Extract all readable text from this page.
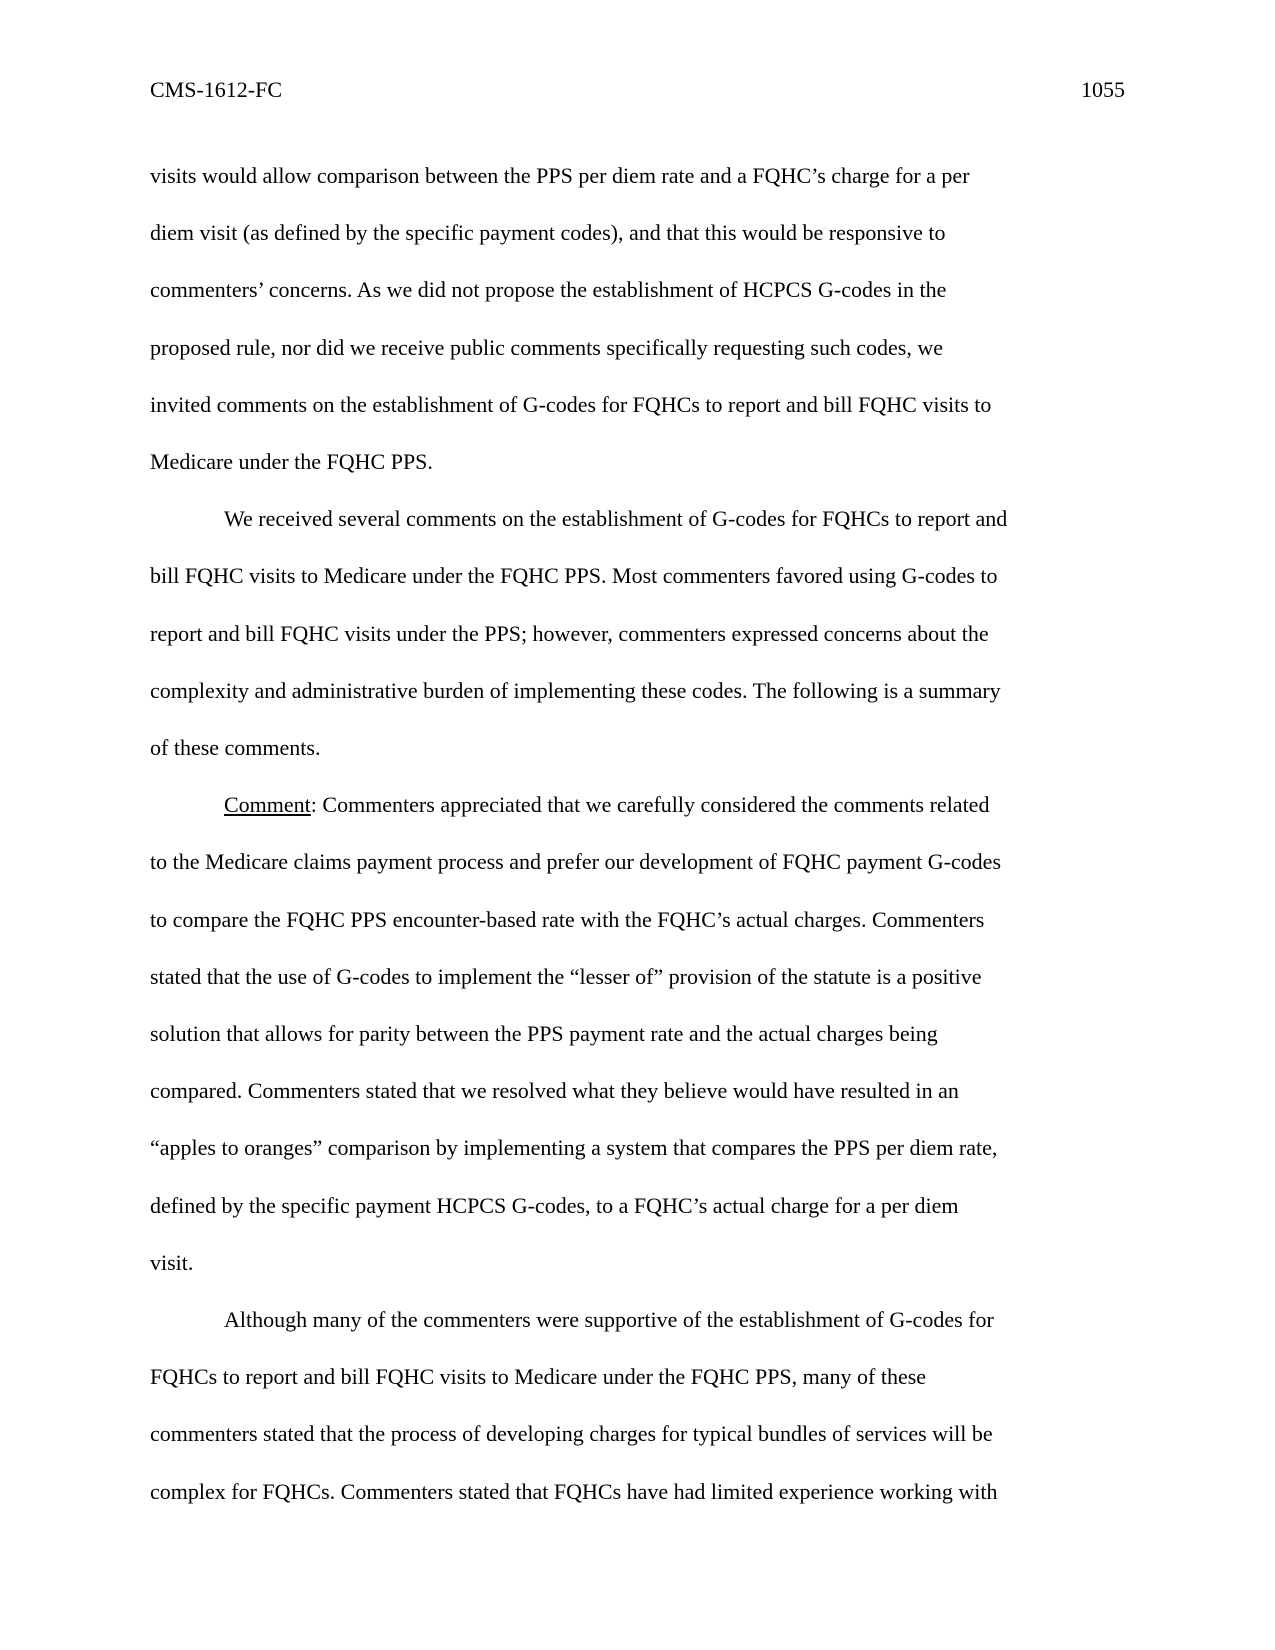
CMS-1612-FC	1055
visits would allow comparison between the PPS per diem rate and a FQHC’s charge for a per
diem visit (as defined by the specific payment codes), and that this would be responsive to
commenters’ concerns. As we did not propose the establishment of HCPCS G-codes in the
proposed rule, nor did we receive public comments specifically requesting such codes, we
invited comments on the establishment of G-codes for FQHCs to report and bill FQHC visits to
Medicare under the FQHC PPS.
We received several comments on the establishment of G-codes for FQHCs to report and
bill FQHC visits to Medicare under the FQHC PPS. Most commenters favored using G-codes to
report and bill FQHC visits under the PPS; however, commenters expressed concerns about the
complexity and administrative burden of implementing these codes. The following is a summary
of these comments.
Comment: Commenters appreciated that we carefully considered the comments related
to the Medicare claims payment process and prefer our development of FQHC payment G-codes
to compare the FQHC PPS encounter-based rate with the FQHC’s actual charges. Commenters
stated that the use of G-codes to implement the “lesser of” provision of the statute is a positive
solution that allows for parity between the PPS payment rate and the actual charges being
compared. Commenters stated that we resolved what they believe would have resulted in an
“apples to oranges” comparison by implementing a system that compares the PPS per diem rate,
defined by the specific payment HCPCS G-codes, to a FQHC’s actual charge for a per diem
visit.
Although many of the commenters were supportive of the establishment of G-codes for
FQHCs to report and bill FQHC visits to Medicare under the FQHC PPS, many of these
commenters stated that the process of developing charges for typical bundles of services will be
complex for FQHCs. Commenters stated that FQHCs have had limited experience working with
